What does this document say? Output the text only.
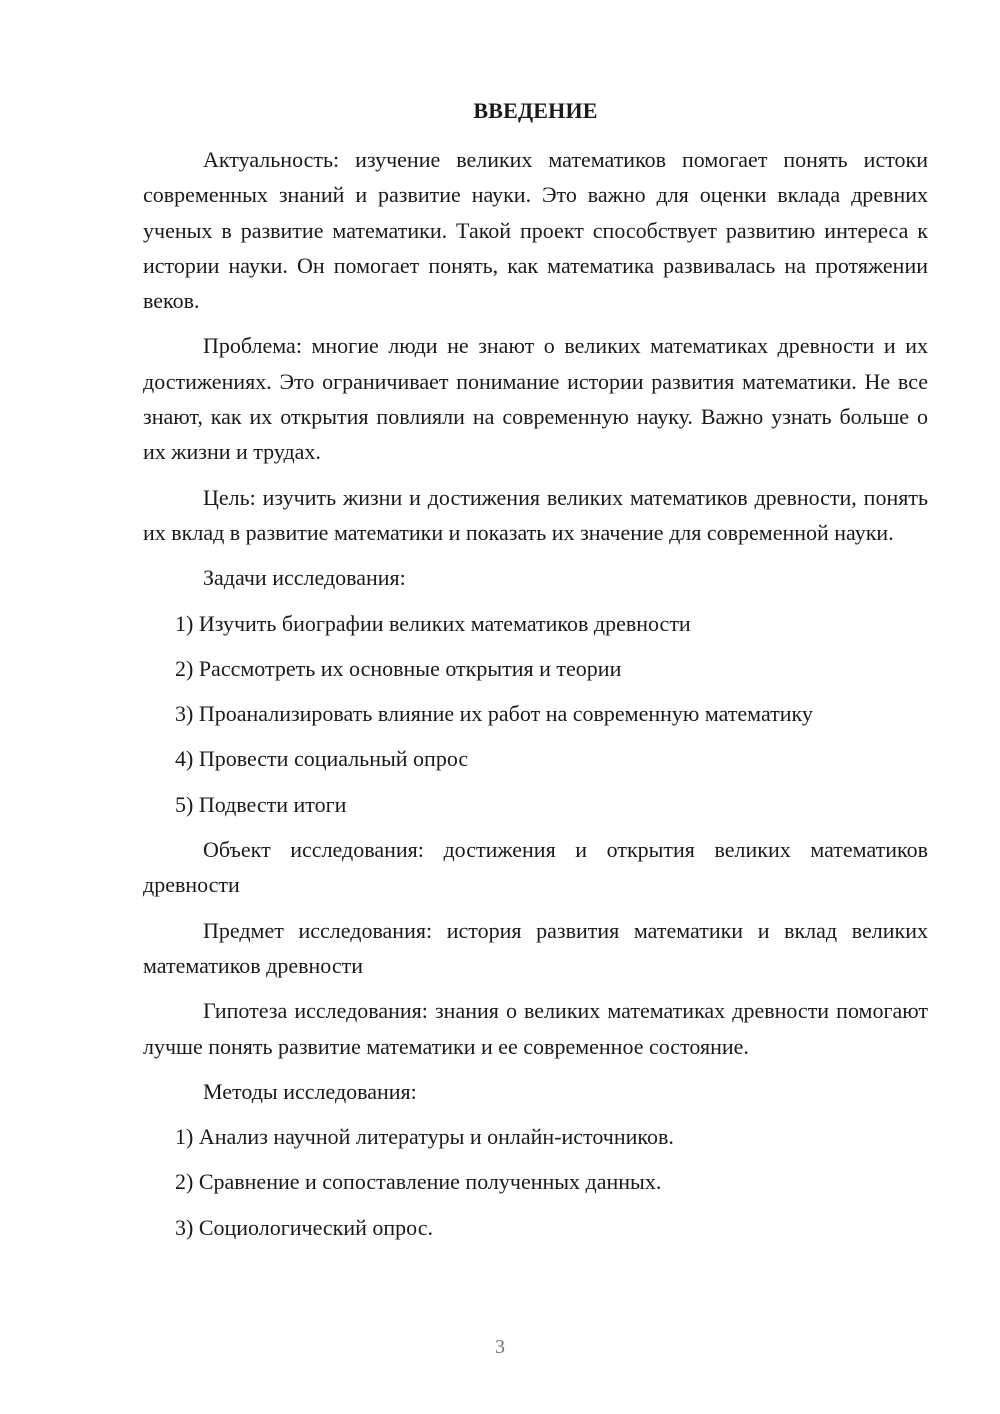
ВВЕДЕНИЕ

Актуальность: изучение великих математиков помогает понять истоки современных знаний и развитие науки. Это важно для оценки вклада древних ученых в развитие математики. Такой проект способствует развитию интереса к истории науки. Он помогает понять, как математика развивалась на протяжении веков.

Проблема: многие люди не знают о великих математиках древности и их достижениях. Это ограничивает понимание истории развития математики. Не все знают, как их открытия повлияли на современную науку. Важно узнать больше о их жизни и трудах.

Цель: изучить жизни и достижения великих математиков древности, понять их вклад в развитие математики и показать их значение для современной науки.

Задачи исследования:

1) Изучить биографии великих математиков древности

2) Рассмотреть их основные открытия и теории

3) Проанализировать влияние их работ на современную математику

4) Провести социальный опрос

5) Подвести итоги

Объект исследования: достижения и открытия великих математиков древности

Предмет исследования: история развития математики и вклад великих математиков древности

Гипотеза исследования: знания о великих математиках древности помогают лучше понять развитие математики и ее современное состояние.

Методы исследования:

1) Анализ научной литературы и онлайн-источников.

2) Сравнение и сопоставление полученных данных.

3) Социологический опрос.

3
